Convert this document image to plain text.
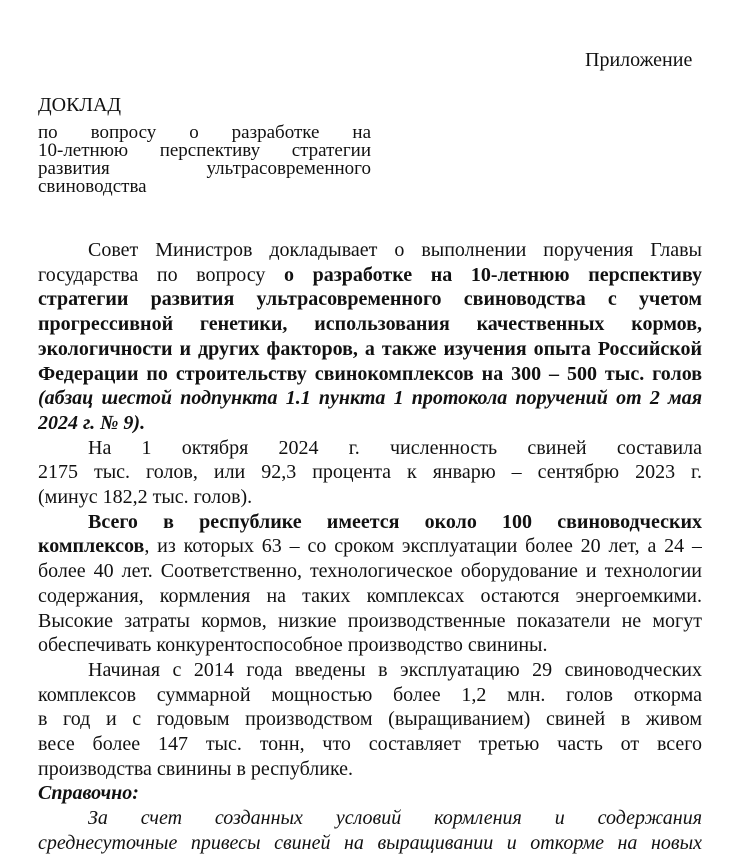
Приложение
ДОКЛАД
по вопросу о разработке на
10-летнюю перспективу стратегии
развития ультрасовременного
свиноводства
Совет Министров докладывает о выполнении поручения Главы
государства по вопросу о разработке на 10-летнюю перспективу
стратегии развития ультрасовременного свиноводства с учетом
прогрессивной генетики, использования качественных кормов,
экологичности и других факторов, а также изучения опыта Российской
Федерации по строительству свинокомплексов на 300 – 500 тыс. голов
(абзац шестой подпункта 1.1 пункта 1 протокола поручений от 2 мая
2024 г. № 9).
На 1 октября 2024 г. численность свиней составила
2175 тыс. голов, или 92,3 процента к январю – сентябрю 2023 г.
(минус 182,2 тыс. голов).
Всего в республике имеется около 100 свиноводческих
комплексов, из которых 63 – со сроком эксплуатации более 20 лет, а 24 –
более 40 лет. Соответственно, технологическое оборудование и технологии
содержания, кормления на таких комплексах остаются энергоемкими.
Высокие затраты кормов, низкие производственные показатели не могут
обеспечивать конкурентоспособное производство свинины.
Начиная с 2014 года введены в эксплуатацию 29 свиноводческих
комплексов суммарной мощностью более 1,2 млн. голов откорма
в год и с годовым производством (выращиванием) свиней в живом
весе более 147 тыс. тонн, что составляет третью часть от всего
производства свинины в республике.
Справочно:
За счет созданных условий кормления и содержания
среднесуточные привесы свиней на выращивании и откорме на новых
